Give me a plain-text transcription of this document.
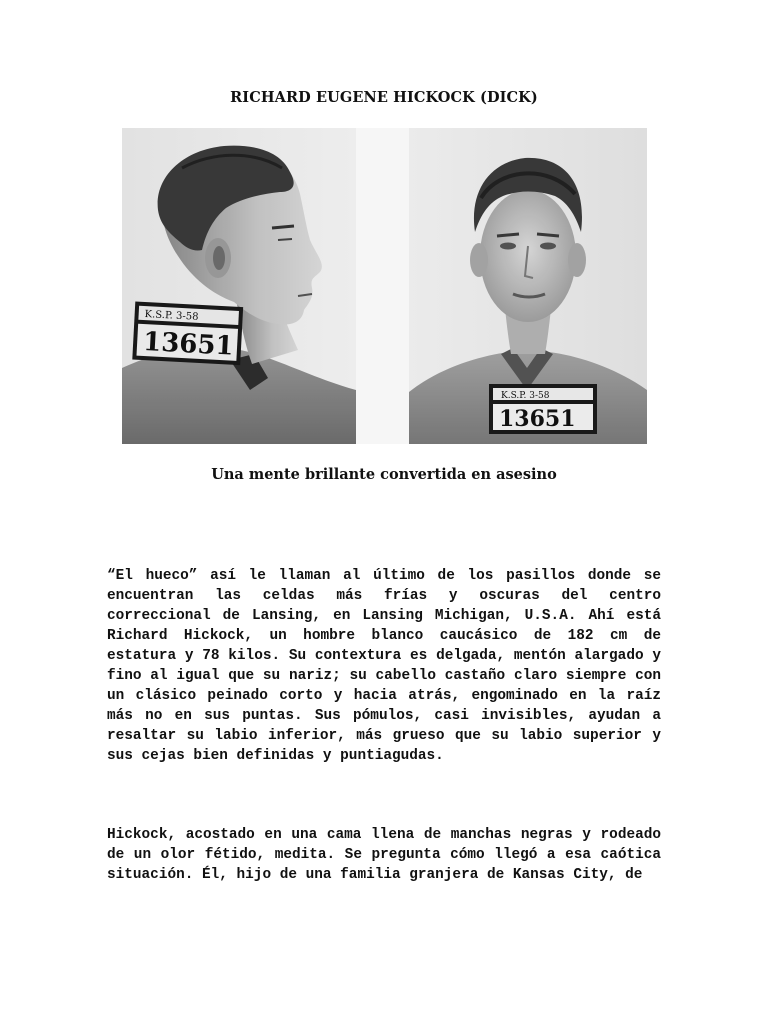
RICHARD EUGENE HICKOCK (DICK)
K.S.P. 3-58
13651
K.S.P. 3-58
13651
Una mente brillante convertida en asesino

“El hueco” así le llaman al último de los pasillos donde se encuentran las celdas más frías y oscuras del centro correccional de Lansing, en Lansing Michigan, U.S.A. Ahí está Richard Hickock, un hombre blanco caucásico de 182 cm de estatura y 78 kilos. Su contextura es delgada, mentón alargado y fino al igual que su nariz; su cabello castaño claro siempre con un clásico peinado corto y hacia atrás, engominado en la raíz más no en sus puntas. Sus pómulos, casi invisibles, ayudan a resaltar su labio inferior, más grueso que su labio superior y sus cejas bien definidas y puntiagudas.

Hickock, acostado en una cama llena de manchas negras y rodeado de un olor fétido, medita. Se pregunta cómo llegó a esa caótica situación. Él, hijo de una familia granjera de Kansas City, de
